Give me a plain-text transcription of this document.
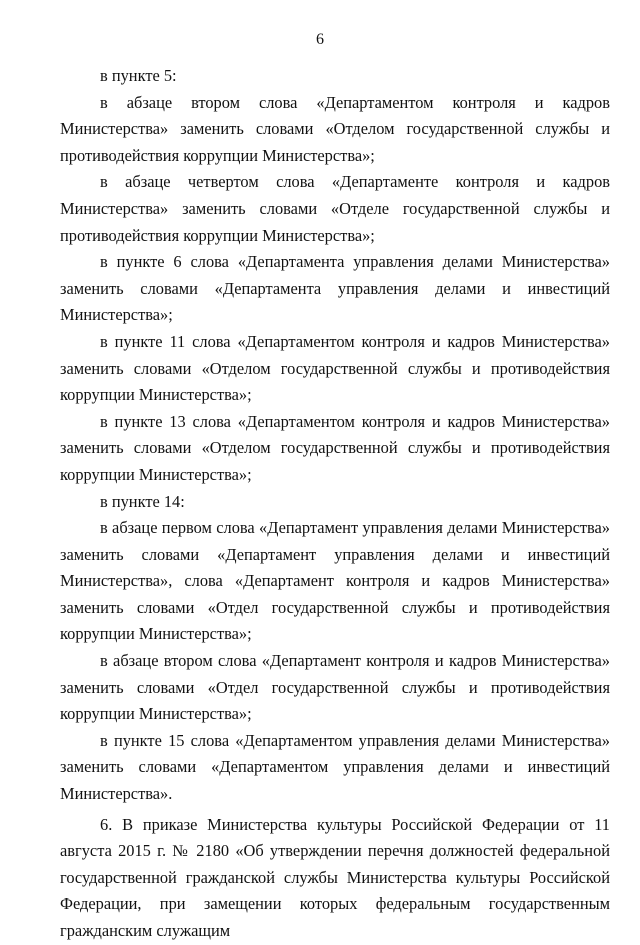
6

в пункте 5:

в абзаце втором слова «Департаментом контроля и кадров Министерства» заменить словами «Отделом государственной службы и противодействия коррупции Министерства»;

в абзаце четвертом слова «Департаменте контроля и кадров Министерства» заменить словами «Отделе государственной службы и противодействия коррупции Министерства»;

в пункте 6 слова «Департамента управления делами Министерства» заменить словами «Департамента управления делами и инвестиций Министерства»;

в пункте 11 слова «Департаментом контроля и кадров Министерства» заменить словами «Отделом государственной службы и противодействия коррупции Министерства»;

в пункте 13 слова «Департаментом контроля и кадров Министерства» заменить словами «Отделом государственной службы и противодействия коррупции Министерства»;

в пункте 14:

в абзаце первом слова «Департамент управления делами Министерства» заменить словами «Департамент управления делами и инвестиций Министерства», слова «Департамент контроля и кадров Министерства» заменить словами «Отдел государственной службы и противодействия коррупции Министерства»;

в абзаце втором слова «Департамент контроля и кадров Министерства» заменить словами «Отдел государственной службы и противодействия коррупции Министерства»;

в пункте 15 слова «Департаментом управления делами Министерства» заменить словами «Департаментом управления делами и инвестиций Министерства».

6. В приказе Министерства культуры Российской Федерации от 11 августа 2015 г. № 2180 «Об утверждении перечня должностей федеральной государственной гражданской службы Министерства культуры Российской Федерации, при замещении которых федеральным государственным гражданским служащим
